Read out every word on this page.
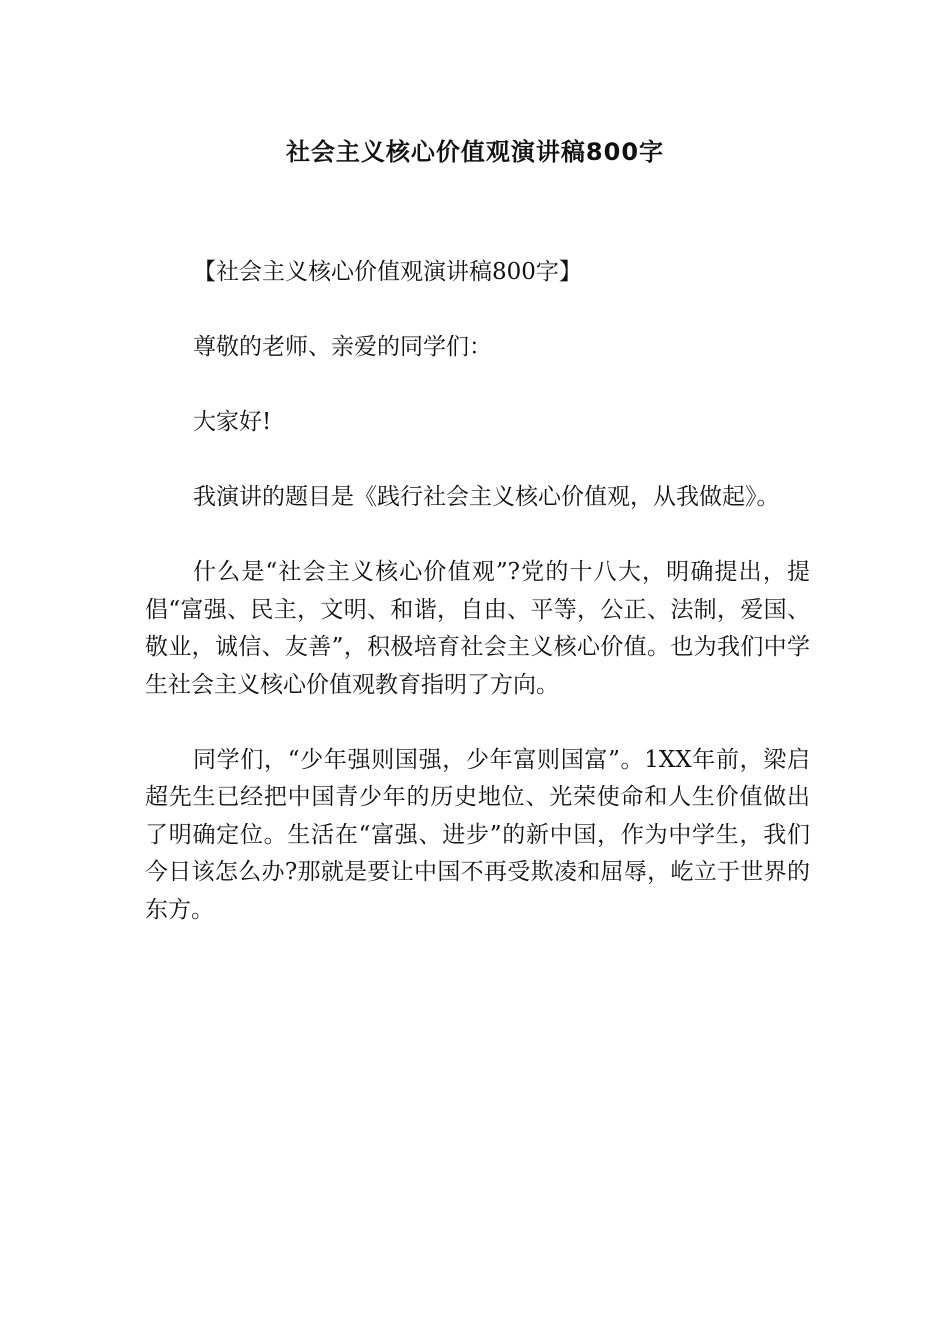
社会主义核心价值观演讲稿800字

【社会主义核心价值观演讲稿800字】

尊敬的老师、亲爱的同学们：

大家好!

我演讲的题目是《践行社会主义核心价值观，从我做起》。

什么是“社会主义核心价值观”?党的十八大，明确提出，提倡“富强、民主，文明、和谐，自由、平等，公正、法制，爱国、敬业，诚信、友善”，积极培育社会主义核心价值。也为我们中学生社会主义核心价值观教育指明了方向。

同学们，“少年强则国强，少年富则国富”。1XX年前，梁启超先生已经把中国青少年的历史地位、光荣使命和人生价值做出了明确定位。生活在“富强、进步”的新中国，作为中学生，我们今日该怎么办?那就是要让中国不再受欺凌和屈辱，屹立于世界的东方。
